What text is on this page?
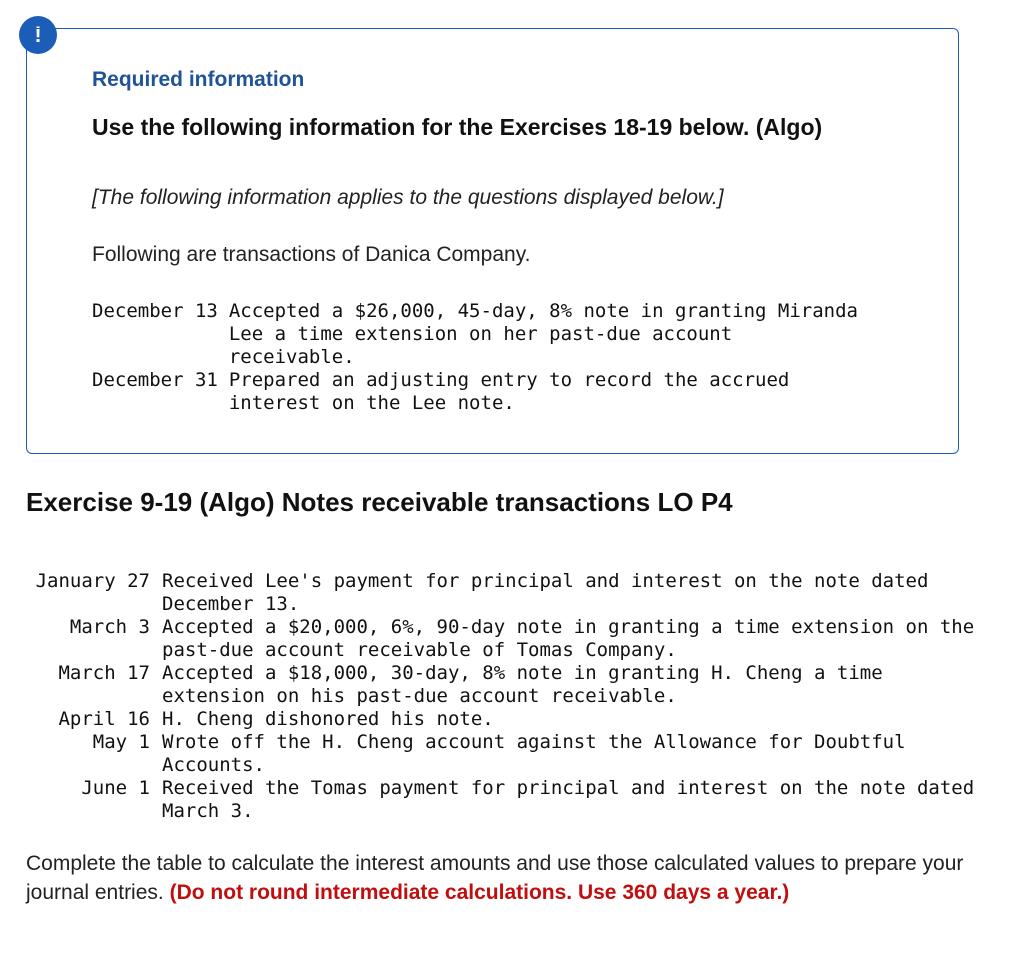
!
Required information
Use the following information for the Exercises 18-19 below. (Algo)

[The following information applies to the questions displayed below.]

Following are transactions of Danica Company.

December 13	Accepted a $26,000, 45-day, 8% note in granting Miranda Lee a time extension on her past-due account receivable.
December 31	Prepared an adjusting entry to record the accrued interest on the Lee note.
Exercise 9-19 (Algo) Notes receivable transactions LO P4
January 27	Received Lee's payment for principal and interest on the note dated December 13.
March 3	Accepted a $20,000, 6%, 90-day note in granting a time extension on the past-due account receivable of Tomas Company.
March 17	Accepted a $18,000, 30-day, 8% note in granting H. Cheng a time extension on his past-due account receivable.
April 16	H. Cheng dishonored his note.
May 1	Wrote off the H. Cheng account against the Allowance for Doubtful Accounts.
June 1	Received the Tomas payment for principal and interest on the note dated March 3.

Complete the table to calculate the interest amounts and use those calculated values to prepare your journal entries. (Do not round intermediate calculations. Use 360 days a year.)
